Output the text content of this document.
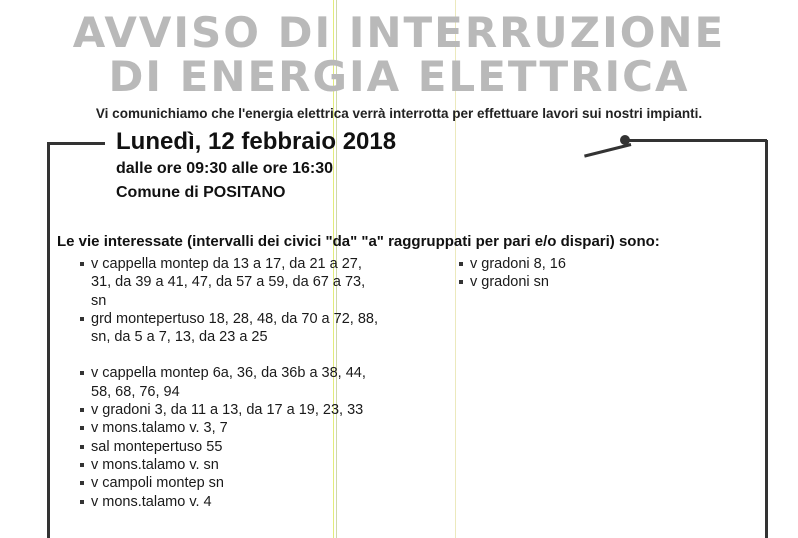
AVVISO DI INTERRUZIONE
DI ENERGIA ELETTRICA
Vi comunichiamo che l'energia elettrica verrà interrotta per effettuare lavori sui nostri impianti.
Lunedì, 12 febbraio 2018
dalle ore 09:30 alle ore 16:30
Comune di POSITANO
Le vie interessate (intervalli dei civici "da" "a" raggruppati per pari e/o dispari) sono:
v cappella montep da 13 a 17, da 21 a 27, 31, da 39 a 41, 47, da 57 a 59, da 67 a 73, sn
grd montepertuso 18, 28, 48, da 70 a 72, 88, sn, da 5 a 7, 13, da 23 a 25
v cappella montep 6a, 36, da 36b a 38, 44, 58, 68, 76, 94
v gradoni 3, da 11 a 13, da 17 a 19, 23, 33
v mons.talamo v. 3, 7
sal montepertuso 55
v mons.talamo v. sn
v campoli montep sn
v mons.talamo v. 4
v gradoni 8, 16
v gradoni sn
